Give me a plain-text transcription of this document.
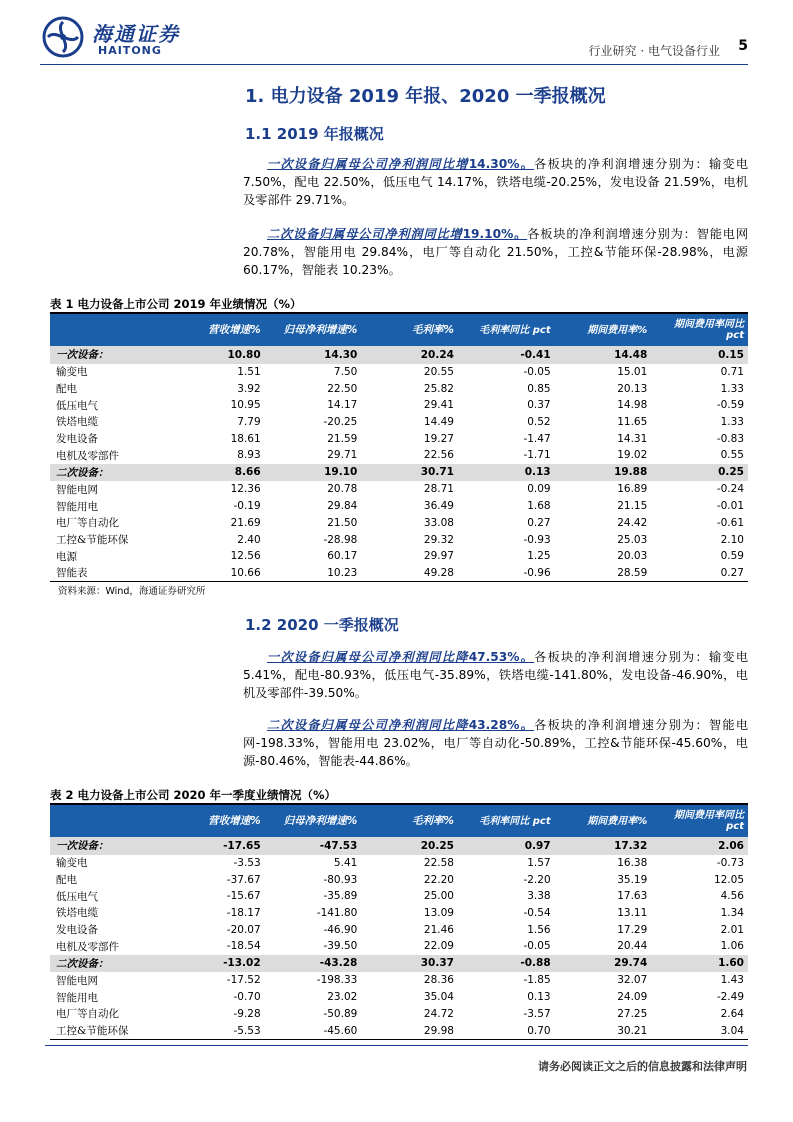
海通证券
HAITONG	行业研究 · 电气设备行业 5
1. 电力设备 2019 年报、2020 一季报概况
1.1 2019 年报概况
一次设备归属母公司净利润同比增14.30%。各板块的净利润增速分别为：输变电 7.50%，配电 22.50%，低压电气 14.17%，铁塔电缆-20.25%，发电设备 21.59%，电机及零部件 29.71%。
二次设备归属母公司净利润同比增19.10%。各板块的净利润增速分别为：智能电网 20.78%，智能用电 29.84%，电厂等自动化 21.50%，工控&节能环保-28.98%，电源 60.17%，智能表 10.23%。
表 1 电力设备上市公司 2019 年业绩情况（%）
	营收增速%	归母净利增速%	毛利率%	毛利率同比 pct	期间费用率%	期间费用率同比 pct
一次设备：	10.80	14.30	20.24	-0.41	14.48	0.15
输变电	1.51	7.50	20.55	-0.05	15.01	0.71
配电	3.92	22.50	25.82	0.85	20.13	1.33
低压电气	10.95	14.17	29.41	0.37	14.98	-0.59
铁塔电缆	7.79	-20.25	14.49	0.52	11.65	1.33
发电设备	18.61	21.59	19.27	-1.47	14.31	-0.83
电机及零部件	8.93	29.71	22.56	-1.71	19.02	0.55
二次设备：	8.66	19.10	30.71	0.13	19.88	0.25
智能电网	12.36	20.78	28.71	0.09	16.89	-0.24
智能用电	-0.19	29.84	36.49	1.68	21.15	-0.01
电厂等自动化	21.69	21.50	33.08	0.27	24.42	-0.61
工控&节能环保	2.40	-28.98	29.32	-0.93	25.03	2.10
电源	12.56	60.17	29.97	1.25	20.03	0.59
智能表	10.66	10.23	49.28	-0.96	28.59	0.27
资料来源：Wind，海通证券研究所
1.2 2020 一季报概况
一次设备归属母公司净利润同比降47.53%。各板块的净利润增速分别为：输变电 5.41%，配电-80.93%，低压电气-35.89%，铁塔电缆-141.80%，发电设备-46.90%，电机及零部件-39.50%。
二次设备归属母公司净利润同比降43.28%。各板块的净利润增速分别为：智能电网-198.33%，智能用电 23.02%，电厂等自动化-50.89%，工控&节能环保-45.60%，电源-80.46%，智能表-44.86%。
表 2 电力设备上市公司 2020 年一季度业绩情况（%）
	营收增速%	归母净利增速%	毛利率%	毛利率同比 pct	期间费用率%	期间费用率同比 pct
一次设备：	-17.65	-47.53	20.25	0.97	17.32	2.06
输变电	-3.53	5.41	22.58	1.57	16.38	-0.73
配电	-37.67	-80.93	22.20	-2.20	35.19	12.05
低压电气	-15.67	-35.89	25.00	3.38	17.63	4.56
铁塔电缆	-18.17	-141.80	13.09	-0.54	13.11	1.34
发电设备	-20.07	-46.90	21.46	1.56	17.29	2.01
电机及零部件	-18.54	-39.50	22.09	-0.05	20.44	1.06
二次设备：	-13.02	-43.28	30.37	-0.88	29.74	1.60
智能电网	-17.52	-198.33	28.36	-1.85	32.07	1.43
智能用电	-0.70	23.02	35.04	0.13	24.09	-2.49
电厂等自动化	-9.28	-50.89	24.72	-3.57	27.25	2.64
工控&节能环保	-5.53	-45.60	29.98	0.70	30.21	3.04
请务必阅读正文之后的信息披露和法律声明
